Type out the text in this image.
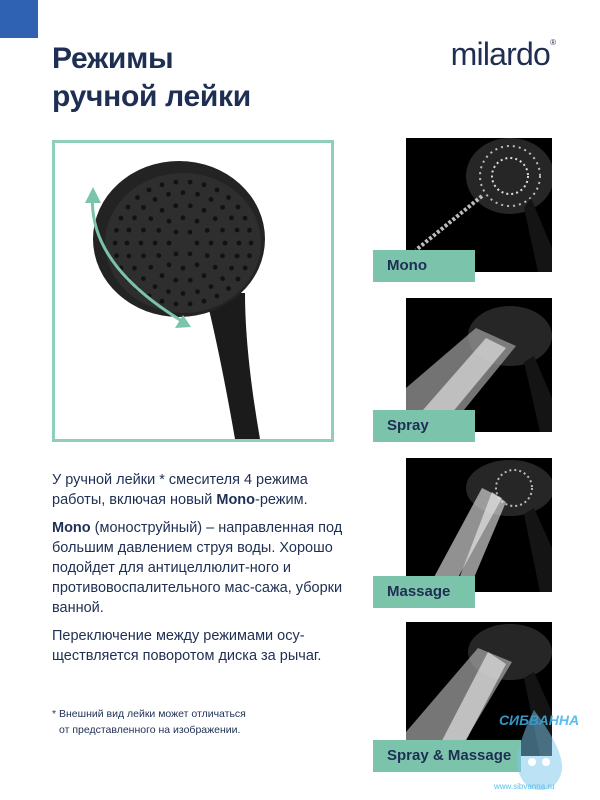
Режимы
ручной лейки
milardo ®

У ручной лейки * смесителя 4 режима работы, включая новый Mono-режим.

Mono (моноструйный) – направленная под большим давлением струя воды. Хорошо подойдет для антицеллюлит-ного и противовоспалительного мас-сажа, уборки ванной.

Переключение между режимами осу-ществляется поворотом диска за рычаг.

* Внешний вид лейки может отличаться
от представленного на изображении.
Mono
Spray
Massage
Spray & Massage
СИБВАННА
www.sibvanna.ru
